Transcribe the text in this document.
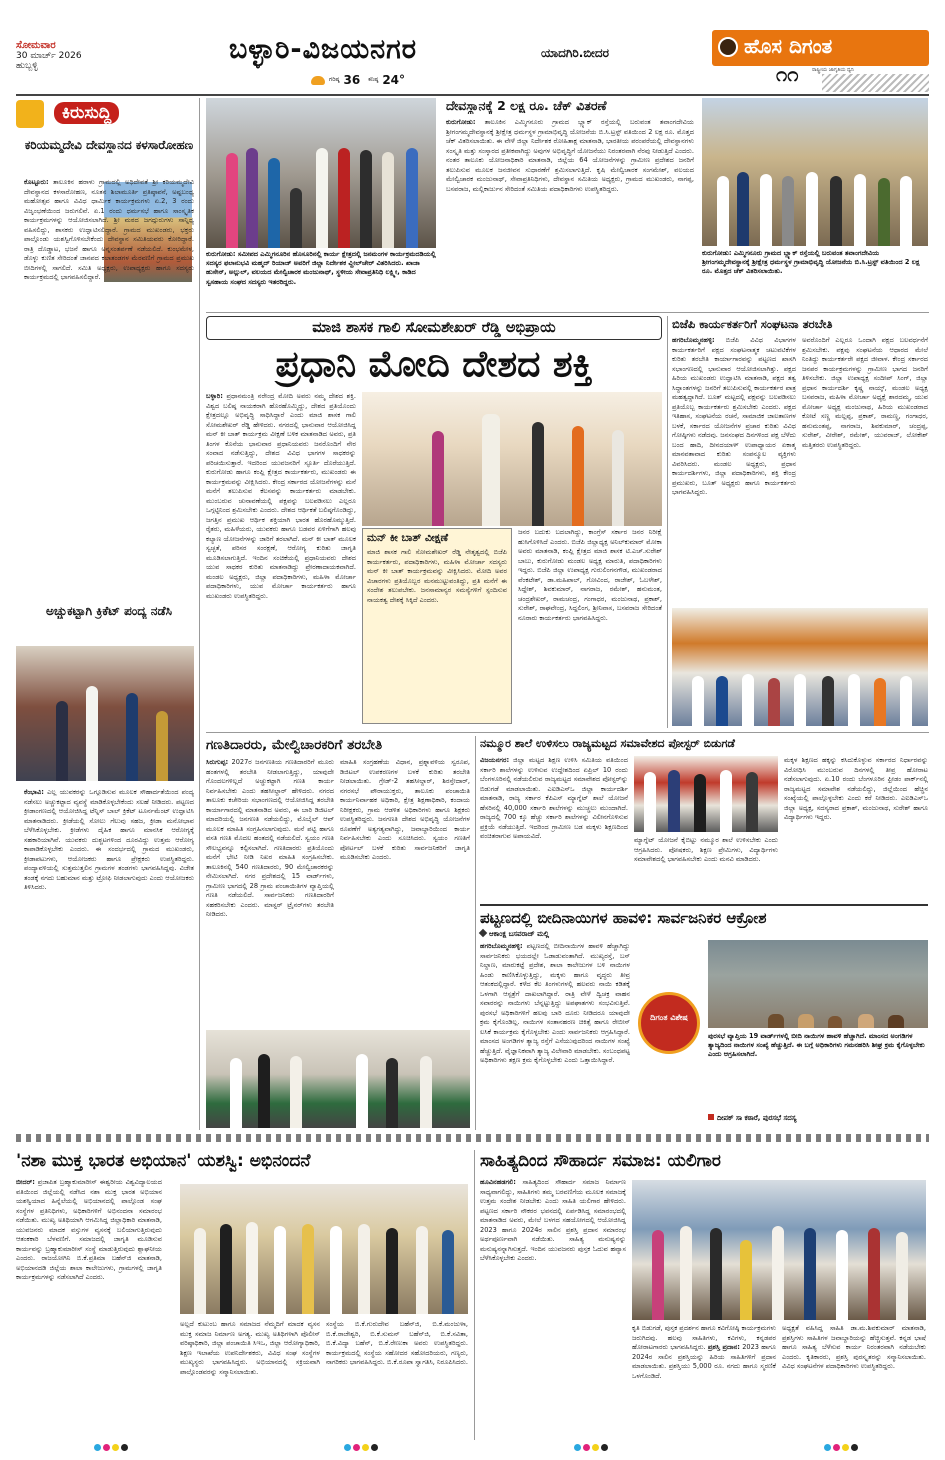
ಸೋಮವಾರ
30 ಮಾರ್ಚ್ 2026
ಹುಬ್ಬಳ್ಳಿ
ಬಳ್ಳಾರಿ-ವಿಜಯನಗರ	ಯಾದಗಿರಿ.ಬೀದರ
ಗರಿಷ್ಠ 36 ಕನಿಷ್ಠ 24°
ಹೊಸ ದಿಗಂತ
ರಾಷ್ಟ್ರೀಯ ಜಾಗೃತಿಯ ಧ್ವನಿ
೧೧
ಕಿರುಸುದ್ದಿ
ಕರಿಯಮ್ಮದೇವಿ ದೇವಸ್ಥಾನದ ಕಳಸಾರೋಹಣ
ಕೊಟ್ಟೂರು: ತಾಲೂಕಿನ ಹರಾಳು ಗ್ರಾಮದಲ್ಲಿ ಅಧಿದೇವತೆ ಶ್ರೀ ಕರಿಯಮ್ಮದೇವಿ ದೇವಸ್ಥಾನದ ಕಳಸಾರೋಹಣ, ನೂತನ ಶಿಲಾಮೂರ್ತಿ ಪ್ರತಿಷ್ಠಾಪನೆ, ಅಷ್ಟಬಂಧ್ಯ ಮಹೋತ್ಸವ ಹಾಗೂ ವಿವಿಧ ಧಾರ್ಮಿಕ ಕಾರ್ಯಕ್ರಮಗಳು ಏ.2, 3 ರಂದು ವಿಜೃಂಭಣೆಯಿಂದ ಜರುಗಲಿವೆ. ಏ.1 ರಂದು ಧರ್ಮಸಭೆ ಹಾಗೂ ಸಾಂಸ್ಕೃತಿಕ ಕಾರ್ಯಕ್ರಮಗಳನ್ನು ಆಯೋಜಿಸಲಾಗಿದೆ. ಶ್ರೀ ಮಠದ ಜಗದ್ಗುರುಗಳು ಸಾನ್ನಿಧ್ಯ ವಹಿಸಲಿದ್ದು, ಶಾಸಕರು ಉದ್ಘಾಟಿಸಲಿದ್ದಾರೆ. ಗ್ರಾಮದ ಮುಖಂಡರು, ಭಕ್ತರು ಪಾಲ್ಗೊಂಡು ಯಶಸ್ವಿಗೊಳಿಸಬೇಕೆಂದು ದೇವಸ್ಥಾನ ಸಮಿತಿಯವರು ಕೋರಿದ್ದಾರೆ. ರಾತ್ರಿ ದೊಡ್ಡಾಟ, ಭಜನೆ ಹಾಗೂ ಅನ್ನಸಂತರ್ಪಣೆ ನಡೆಯಲಿದೆ. ಕುಂಭಮೇಳ, ಡೊಳ್ಳು ಕುಣಿತ ಸೇರಿದಂತೆ ಜಾನಪದ ಕಲಾತಂಡಗಳ ಮೆರವಣಿಗೆ ಗ್ರಾಮದ ಪ್ರಮುಖ ಬೀದಿಗಳಲ್ಲಿ ಸಾಗಲಿದೆ. ಸಮಿತಿ ಅಧ್ಯಕ್ಷರು, ಉಪಾಧ್ಯಕ್ಷರು ಹಾಗೂ ಸದಸ್ಯರು ಕಾರ್ಯಕ್ರಮದಲ್ಲಿ ಭಾಗವಹಿಸಲಿದ್ದಾರೆ.
ಅಚ್ಚುಕಟ್ಟಾಗಿ ಕ್ರಿಕೆಟ್ ಪಂದ್ಯ ನಡೆಸಿ
ಕೆಂಭಾವಿ: ಎಲ್ಲ ಯುವಕರನ್ನು ಒಗ್ಗೂಡಿಸುವ ಮೂಲಕ ಸೌಹಾರ್ದತೆಯಿಂದ ಪಂದ್ಯ ನಡೆಸಲು ಅಚ್ಚುಕಟ್ಟಾದ ವ್ಯವಸ್ಥೆ ಮಾಡಿಕೊಳ್ಳಬೇಕೆಂದು ಸಲಹೆ ನೀಡಿದರು. ಪಟ್ಟಣದ ಕ್ರೀಡಾಂಗಣದಲ್ಲಿ ಆಯೋಜಿಸಿದ್ದ ಟೆನ್ನಿಸ್ ಬಾಲ್ ಕ್ರಿಕೆಟ್ ಟೂರ್ನಮೆಂಟ್ ಉದ್ಘಾಟಿಸಿ ಮಾತನಾಡಿದರು. ಕ್ರೀಡೆಯಲ್ಲಿ ಸೋಲು ಗೆಲುವು ಸಹಜ, ಕ್ರೀಡಾ ಮನೋಭಾವ ಬೆಳೆಸಿಕೊಳ್ಳಬೇಕು. ಕ್ರೀಡೆಗಳು ದೈಹಿಕ ಹಾಗೂ ಮಾನಸಿಕ ಆರೋಗ್ಯಕ್ಕೆ ಸಹಕಾರಿಯಾಗಿವೆ. ಯುವಕರು ದುಶ್ಚಟಗಳಿಂದ ದೂರವಿದ್ದು ಉತ್ತಮ ಆರೋಗ್ಯ ಕಾಪಾಡಿಕೊಳ್ಳಬೇಕು ಎಂದರು. ಈ ಸಂದರ್ಭದಲ್ಲಿ ಗ್ರಾಮದ ಮುಖಂಡರು, ಕ್ರೀಡಾಪಟುಗಳು, ಆಯೋಜಕರು ಹಾಗೂ ಪ್ರೇಕ್ಷಕರು ಉಪಸ್ಥಿತರಿದ್ದರು. ಪಂದ್ಯಾವಳಿಯಲ್ಲಿ ಸುತ್ತಮುತ್ತಲಿನ ಗ್ರಾಮಗಳ ತಂಡಗಳು ಭಾಗವಹಿಸಿದ್ದವು. ವಿಜೇತ ತಂಡಕ್ಕೆ ನಗದು ಬಹುಮಾನ ಮತ್ತು ಟ್ರೋಫಿ ನೀಡಲಾಗುವುದು ಎಂದು ಆಯೋಜಕರು ತಿಳಿಸಿದರು.
ಕುರುಗೋಡು: ಸಮೀಪದ ಎಮ್ಮಿಗನೂರಿನ ಹೊಸೂರಿನಲ್ಲಿ ಕಾರ್ಯ ಕ್ಷೇತ್ರದಲ್ಲಿ ಜನಮಂಗಳ ಕಾರ್ಯಕ್ರಮದಡಿಯಲ್ಲಿ ಸದಸ್ಯರ ಫಲಾನುಭವಿ ಮಹ್ಮದ್ ರಿಯಾಜ್ ಅವರಿಗೆ ಜಿಲ್ಲಾ ನಿರ್ದೇಶಕ ವ್ಹೀಲ್‌ಚೇರ್ ವಿತರಿಸಿದರು. ಖಾಜಾ ಹುಸೇನ್, ಅಲ್ಲುಲ್, ವಲಯದ ಮೇಲ್ವಿಚಾರಕ ಮಂಜುನಾಥ್, ಸ್ಥಳೀಯ ಸೇವಾಪ್ರತಿನಿಧಿ ಲಕ್ಷ್ಮೀ, ಕಾಡಿದ ಸ್ವಸಹಾಯ ಸಂಘದ ಸದಸ್ಯರು ಇತರರಿದ್ದರು.
ದೇವಸ್ಥಾನಕ್ಕೆ 2 ಲಕ್ಷ ರೂ. ಚೆಕ್ ವಿತರಣೆ
ಕುರುಗೋಡು: ತಾಲೂಕಿನ ಎಮ್ಮಿಗನೂರು ಗ್ರಾಮದ ಬ್ಲ್ಯಾಕ್ ರಸ್ತೆಯಲ್ಲಿ ಬರುವಂತ ತವಾಂಗದೇವಿಯ ಶ್ರೀಗಂಗಮ್ಮದೇವಸ್ಥಾನಕ್ಕೆ ಶ್ರೀಕ್ಷೇತ್ರ ಧರ್ಮಸ್ಥಳ ಗ್ರಾಮಾಭಿವೃದ್ಧಿ ಯೋಜನೆಯ ಬಿ.ಸಿ.ಟ್ರಸ್ಟ್ ವತಿಯಿಂದ 2 ಲಕ್ಷ ರೂ. ಮೊತ್ತದ ಚೆಕ್ ವಿತರಿಸಲಾಯಿತು. ಈ ವೇಳೆ ಜಿಲ್ಲಾ ನಿರ್ದೇಶಕ ರೋಹಿತಾಕ್ಷ ಮಾತನಾಡಿ, ಭಾರತೀಯ ಪರಂಪರೆಯಲ್ಲಿ ದೇವಸ್ಥಾನಗಳು ಸಂಸ್ಕೃತಿ ಮತ್ತು ಸಂಸ್ಕಾರದ ಪ್ರತೀಕವಾಗಿದ್ದು ಅವುಗಳ ಅಭಿವೃದ್ಧಿಗೆ ಯೋಜನೆಯು ನಿರಂತರವಾಗಿ ನೆರವು ನೀಡುತ್ತಿದೆ ಎಂದರು. ನಂತರ ತಾಲೂಕು ಯೋಜನಾಧಿಕಾರಿ ಮಾತನಾಡಿ, ಜಿಲ್ಲೆಯ 64 ಯೋಜನೆಗಳನ್ನು ಗ್ರಾಮೀಣ ಪ್ರದೇಶದ ಜನರಿಗೆ ತಲುಪಿಸುವ ಮೂಲಕ ಜನಜೀವನ ಸುಧಾರಣೆಗೆ ಶ್ರಮಿಸಲಾಗುತ್ತಿದೆ. ಕೃಷಿ ಮೇಲ್ವಿಚಾರಕ ಸಂಗಮೇಶ್, ವಲಯದ ಮೇಲ್ವಿಚಾರಕ ಮಂಜುನಾಥ್, ಸೇವಾಪ್ರತಿನಿಧಿಗಳು, ದೇವಸ್ಥಾನ ಸಮಿತಿಯ ಅಧ್ಯಕ್ಷರು, ಗ್ರಾಮದ ಮುಖಂಡರು, ನಾಗಪ್ಪ, ಬಸವರಾಜ, ಮಲ್ಲಿಕಾರ್ಜುನ ಸೇರಿದಂತೆ ಸಮಿತಿಯ ಪದಾಧಿಕಾರಿಗಳು ಉಪಸ್ಥಿತರಿದ್ದರು.
ಕುರುಗೋಡು: ಎಮ್ಮಿಗನೂರು ಗ್ರಾಮದ ಬ್ಲ್ಯಾಕ್ ರಸ್ತೆಯಲ್ಲಿ ಬರುವಂತ ತವಾಂಗದೇವಿಯ ಶ್ರೀಗಂಗಮ್ಮದೇವಸ್ಥಾನಕ್ಕೆ ಶ್ರೀಕ್ಷೇತ್ರ ಧರ್ಮಸ್ಥಳ ಗ್ರಾಮಾಭಿವೃದ್ಧಿ ಯೋಜನೆಯ ಬಿ.ಸಿ.ಟ್ರಸ್ಟ್ ವತಿಯಿಂದ 2 ಲಕ್ಷ ರೂ. ಮೊತ್ತದ ಚೆಕ್ ವಿತರಿಸಲಾಯಿತು.
ಮಾಜಿ ಶಾಸಕ ಗಾಲಿ ಸೋಮಶೇಖರ್ ರೆಡ್ಡಿ ಅಭಿಪ್ರಾಯ
ಪ್ರಧಾನಿ ಮೋದಿ ದೇಶದ ಶಕ್ತಿ
ಬಳ್ಳಾರಿ: ಪ್ರಧಾನಮಂತ್ರಿ ನರೇಂದ್ರ ಮೋದಿ ಅವರು ನಮ್ಮ ದೇಶದ ಶಕ್ತಿ. ವಿಶ್ವದ ಬಲಿಷ್ಠ ನಾಯಕರಾಗಿ ಹೊರಹೊಮ್ಮಿದ್ದು, ದೇಶದ ಪ್ರತಿಯೊಂದು ಕ್ಷೇತ್ರದಲ್ಲೂ ಅಭಿವೃದ್ಧಿ ಸಾಧಿಸಿದ್ದಾರೆ ಎಂದು ಮಾಜಿ ಶಾಸಕ ಗಾಲಿ ಸೋಮಶೇಖರ್ ರೆಡ್ಡಿ ಹೇಳಿದರು. ನಗರದಲ್ಲಿ ಭಾನುವಾರ ಆಯೋಜಿಸಿದ್ದ ಮನ್ ಕೀ ಬಾತ್ ಕಾರ್ಯಕ್ರಮ ವೀಕ್ಷಣೆ ಬಳಿಕ ಮಾತನಾಡಿದ ಅವರು, ಪ್ರತಿ ತಿಂಗಳ ಕೊನೆಯ ಭಾನುವಾರ ಪ್ರಧಾನಿಯವರು ಜನರೊಂದಿಗೆ ನೇರ ಸಂವಾದ ನಡೆಸುತ್ತಿದ್ದು, ದೇಶದ ವಿವಿಧ ಭಾಗಗಳ ಸಾಧಕರನ್ನು ಪರಿಚಯಿಸುತ್ತಾರೆ. ಇದರಿಂದ ಯುವಜನರಿಗೆ ಸ್ಫೂರ್ತಿ ದೊರೆಯುತ್ತಿದೆ. ಕುರುಗೋಡು ಹಾಗೂ ಕಂಪ್ಲಿ ಕ್ಷೇತ್ರದ ಕಾರ್ಯಕರ್ತರು, ಮುಖಂಡರು ಈ ಕಾರ್ಯಕ್ರಮವನ್ನು ವೀಕ್ಷಿಸಿದರು. ಕೇಂದ್ರ ಸರ್ಕಾರದ ಯೋಜನೆಗಳನ್ನು ಮನೆ ಮನೆಗೆ ತಲುಪಿಸುವ ಕೆಲಸವನ್ನು ಕಾರ್ಯಕರ್ತರು ಮಾಡಬೇಕು. ಮುಂಬರುವ ಚುನಾವಣೆಯಲ್ಲಿ ಪಕ್ಷವನ್ನು ಬಲಪಡಿಸಲು ಎಲ್ಲರೂ ಒಗ್ಗಟ್ಟಿನಿಂದ ಶ್ರಮಿಸಬೇಕು ಎಂದರು. ದೇಶದ ಆರ್ಥಿಕತೆ ಬಲಿಷ್ಠಗೊಂಡಿದ್ದು, ಜಗತ್ತಿನ ಪ್ರಮುಖ ಆರ್ಥಿಕ ಶಕ್ತಿಯಾಗಿ ಭಾರತ ಹೊರಹೊಮ್ಮುತ್ತಿದೆ. ರೈತರು, ಮಹಿಳೆಯರು, ಯುವಕರು ಹಾಗೂ ಬಡವರ ಏಳಿಗೆಗಾಗಿ ಹಲವು ಕಲ್ಯಾಣ ಯೋಜನೆಗಳನ್ನು ಜಾರಿಗೆ ತರಲಾಗಿದೆ. ಮನ್ ಕೀ ಬಾತ್ ಮೂಲಕ ಸ್ವಚ್ಛತೆ, ಪರಿಸರ ಸಂರಕ್ಷಣೆ, ಆರೋಗ್ಯ ಕುರಿತು ಜಾಗೃತಿ ಮೂಡಿಸಲಾಗುತ್ತಿದೆ. ಇಂದಿನ ಸಂಚಿಕೆಯಲ್ಲಿ ಪ್ರಧಾನಿಯವರು ದೇಶದ ಯುವ ಸಾಧಕರ ಕುರಿತು ಮಾತನಾಡಿದ್ದು ಪ್ರೇರಣಾದಾಯಕವಾಗಿದೆ. ಮಂಡಲ ಅಧ್ಯಕ್ಷರು, ಜಿಲ್ಲಾ ಪದಾಧಿಕಾರಿಗಳು, ಮಹಿಳಾ ಮೋರ್ಚಾ ಪದಾಧಿಕಾರಿಗಳು, ಯುವ ಮೋರ್ಚಾ ಕಾರ್ಯಕರ್ತರು ಹಾಗೂ ಮುಖಂಡರು ಉಪಸ್ಥಿತರಿದ್ದರು.
ಮನ್ ಕೀ ಬಾತ್ ವೀಕ್ಷಣೆ
ಮಾಜಿ ಶಾಸಕ ಗಾಲಿ ಸೋಮಶೇಖರ್ ರೆಡ್ಡಿ ನೇತೃತ್ವದಲ್ಲಿ ಬಿಜೆಪಿ ಕಾರ್ಯಕರ್ತರು, ಪದಾಧಿಕಾರಿಗಳು, ಮಹಿಳಾ ಮೋರ್ಚಾ ಸದಸ್ಯರು ಮನ್ ಕೀ ಬಾತ್ ಕಾರ್ಯಕ್ರಮವನ್ನು ವೀಕ್ಷಿಸಿದರು. ಮೋದಿ ಅವರ ವಿಚಾರಗಳು ಪ್ರತಿಯೊಬ್ಬರ ಮನಮುಟ್ಟುವಂತಿದ್ದು, ಪ್ರತಿ ಮನೆಗೆ ಈ ಸಂದೇಶ ತಲುಪಬೇಕು. ಜನಸಾಮಾನ್ಯರ ಸಮಸ್ಯೆಗಳಿಗೆ ಸ್ಪಂದಿಸುವ ನಾಯಕತ್ವ ದೇಶಕ್ಕೆ ಸಿಕ್ಕಿದೆ ಎಂದರು.
ಜನರ ಬದುಕು ಬದಲಾಗಿದ್ದು, ಕಾಂಗ್ರೆಸ್ ಸರ್ಕಾರ ಜನರ ನಿರೀಕ್ಷೆ ಹುಸಿಗೊಳಿಸಿದೆ ಎಂದರು. ಬಿಜೆಪಿ ಜಿಲ್ಲಾಧ್ಯಕ್ಷ ಅನಿಲ್‌ಕುಮಾರ್ ಮೋಕಾ ಅವರು ಮಾತನಾಡಿ, ಕಂಪ್ಲಿ ಕ್ಷೇತ್ರದ ಮಾಜಿ ಶಾಸಕ ಟಿ.ಎಚ್.ಸುರೇಶ್ ಬಾಬು, ಕುರುಗೋಡು ಮಂಡಲ ಅಧ್ಯಕ್ಷ ಮಾರುತಿ, ಪದಾಧಿಕಾರಿಗಳು ಇದ್ದರು. ಬಿಜೆಪಿ ಜಿಲ್ಲಾ ಉಪಾಧ್ಯಕ್ಷ ಗುರುಲಿಂಗನಗೌಡ, ಮುಖಂಡರಾದ ವೆಂಕಟೇಶ್, ಡಾ.ಮಹಿಪಾಲ್, ಗೋವಿಂದ, ರಾಜೇಶ್, ಓಬಳೇಶ್, ಸಿದ್ದೇಶ್, ಶಿವಕುಮಾರ್, ನಾಗರಾಜ, ರಮೇಶ್, ಹನುಮಂತ, ಚಂದ್ರಶೇಖರ್, ರಾಮಚಂದ್ರ, ಗಂಗಾಧರ, ಮಂಜುನಾಥ, ಪ್ರಕಾಶ್, ಸುರೇಶ್, ರಾಘವೇಂದ್ರ, ಸಿದ್ದಲಿಂಗ, ಶ್ರೀನಿವಾಸ, ಬಸವರಾಜ ಸೇರಿದಂತೆ ನೂರಾರು ಕಾರ್ಯಕರ್ತರು ಭಾಗವಹಿಸಿದ್ದರು.
ಬಿಜೆಪಿ ಕಾರ್ಯಕರ್ತರಿಗೆ ಸಂಘಟನಾ ತರಬೇತಿ
ಹಗರಿಬೊಮ್ಮನಹಳ್ಳಿ: ಬಿಜೆಪಿ ವಿವಿಧ ವಿಭಾಗಗಳ ಕಾರ್ಯಕರ್ತರಿಗೆ ಪಕ್ಷದ ಸಂಘಟನಾತ್ಮಕ ಚಟುವಟಿಕೆಗಳ ಕುರಿತು ತರಬೇತಿ ಕಾರ್ಯಾಗಾರವನ್ನು ಪಟ್ಟಣದ ಖಾಸಗಿ ಸಭಾಂಗಣದಲ್ಲಿ ಭಾನುವಾರ ಆಯೋಜಿಸಲಾಗಿತ್ತು. ಪಕ್ಷದ ಹಿರಿಯ ಮುಖಂಡರು ಉದ್ಘಾಟಿಸಿ ಮಾತನಾಡಿ, ಪಕ್ಷದ ತತ್ವ ಸಿದ್ಧಾಂತಗಳನ್ನು ಜನರಿಗೆ ತಲುಪಿಸುವಲ್ಲಿ ಕಾರ್ಯಕರ್ತರ ಪಾತ್ರ ಮಹತ್ವದ್ದಾಗಿದೆ. ಬೂತ್ ಮಟ್ಟದಲ್ಲಿ ಪಕ್ಷವನ್ನು ಬಲಪಡಿಸಲು ಪ್ರತಿಯೊಬ್ಬ ಕಾರ್ಯಕರ್ತರು ಶ್ರಮಿಸಬೇಕು ಎಂದರು. ಪಕ್ಷದ ಇತಿಹಾಸ, ಸಂಘಟನೆಯ ರಚನೆ, ಸಾಮಾಜಿಕ ಜಾಲತಾಣಗಳ ಬಳಕೆ, ಸರ್ಕಾರದ ಯೋಜನೆಗಳ ಪ್ರಚಾರ ಕುರಿತು ವಿವಿಧ ಗೋಷ್ಠಿಗಳು ನಡೆದವು. ಜನಸಂಘದ ದಿನಗಳಿಂದ ಪಕ್ಷ ಬೆಳೆದು ಬಂದ ಹಾದಿ, ದೀನದಯಾಳ್ ಉಪಾಧ್ಯಾಯರ ಏಕಾತ್ಮ ಮಾನವತಾವಾದ ಕುರಿತು ಸಂಪನ್ಮೂಲ ವ್ಯಕ್ತಿಗಳು ವಿವರಿಸಿದರು. ಮಂಡಲ ಅಧ್ಯಕ್ಷರು, ಪ್ರಧಾನ ಕಾರ್ಯದರ್ಶಿಗಳು, ಜಿಲ್ಲಾ ಪದಾಧಿಕಾರಿಗಳು, ಶಕ್ತಿ ಕೇಂದ್ರ ಪ್ರಮುಖರು, ಬೂತ್ ಅಧ್ಯಕ್ಷರು ಹಾಗೂ ಕಾರ್ಯಕರ್ತರು ಭಾಗವಹಿಸಿದ್ದರು.
ಅವರೊಂದಿಗೆ ಎಲ್ಲರೂ ಒಂದಾಗಿ ಪಕ್ಷದ ಬಲವರ್ಧನೆಗೆ ಶ್ರಮಿಸಬೇಕು. ಪಕ್ಷವು ಸಂಘಟನೆಯ ಆಧಾರದ ಮೇಲೆ ನಿಂತಿದ್ದು ಕಾರ್ಯಕರ್ತರೇ ಪಕ್ಷದ ಜೀವಾಳ. ಕೇಂದ್ರ ಸರ್ಕಾರದ ಜನಪರ ಕಾರ್ಯಕ್ರಮಗಳನ್ನು ಗ್ರಾಮೀಣ ಭಾಗದ ಜನರಿಗೆ ತಿಳಿಸಬೇಕು. ಜಿಲ್ಲಾ ಉಪಾಧ್ಯಕ್ಷ ಸಂದೀಪ್ ಸಿಂಗ್, ಜಿಲ್ಲಾ ಪ್ರಧಾನ ಕಾರ್ಯದರ್ಶಿ ಕೃಷ್ಣ ನಾಯ್ಕ್, ಮಂಡಲ ಅಧ್ಯಕ್ಷ ಬಸವರಾಜ, ಮಹಿಳಾ ಮೋರ್ಚಾ ಅಧ್ಯಕ್ಷೆ ಶಾರದಮ್ಮ, ಯುವ ಮೋರ್ಚಾ ಅಧ್ಯಕ್ಷ ಮಂಜುನಾಥ, ಹಿರಿಯ ಮುಖಂಡರಾದ ಕೋಟೆ ಸಣ್ಣ ಮಲ್ಲಪ್ಪ, ಪ್ರಕಾಶ್, ರಾಮಣ್ಣ, ಗಂಗಾಧರ, ಹನುಮಂತಪ್ಪ, ನಾಗರಾಜ, ಶಿವಕುಮಾರ್, ಚಂದ್ರಪ್ಪ, ಸುರೇಶ್, ವೀರೇಶ್, ರಮೇಶ್, ಯುವರಾಜ್, ಲೋಕೇಶ್ ಮತ್ತಿತರರು ಉಪಸ್ಥಿತರಿದ್ದರು.
ಗಣತಿದಾರರು, ಮೇಲ್ವಿಚಾರಕರಿಗೆ ತರಬೇತಿ
ಸಿರುಗುಪ್ಪ: 2027ರ ಜನಗಣತಿಯ ಗಣತಿದಾರರಿಗೆ ಮೂರು ಹಂತಗಳಲ್ಲಿ ತರಬೇತಿ ನೀಡಲಾಗುತ್ತಿದ್ದು, ಯಾವುದೇ ಗೊಂದಲಗಳಿಲ್ಲದೆ ಅಚ್ಚುಕಟ್ಟಾಗಿ ಗಣತಿ ಕಾರ್ಯ ನಿರ್ವಹಿಸಬೇಕು ಎಂದು ತಹಸೀಲ್ದಾರ್ ಹೇಳಿದರು. ನಗರದ ತಾಲೂಕು ಕಚೇರಿಯ ಸಭಾಂಗಣದಲ್ಲಿ ಆಯೋಜಿಸಿದ್ದ ತರಬೇತಿ ಕಾರ್ಯಾಗಾರದಲ್ಲಿ ಮಾತನಾಡಿದ ಅವರು, ಈ ಬಾರಿ ಡಿಜಿಟಲ್ ಮಾದರಿಯಲ್ಲಿ ಜನಗಣತಿ ನಡೆಯಲಿದ್ದು, ಮೊಬೈಲ್ ಆಪ್ ಮೂಲಕ ಮಾಹಿತಿ ಸಂಗ್ರಹಿಸಲಾಗುವುದು. ಮನೆ ಪಟ್ಟಿ ಹಾಗೂ ವಸತಿ ಗಣತಿ ಮೊದಲ ಹಂತದಲ್ಲಿ ನಡೆಯಲಿದೆ. ಸ್ವಯಂ ಗಣತಿ ಸೌಲಭ್ಯವನ್ನೂ ಕಲ್ಪಿಸಲಾಗಿದೆ. ಗಣತಿದಾರರು ಪ್ರತಿಯೊಂದು ಮನೆಗೆ ಭೇಟಿ ನೀಡಿ ನಿಖರ ಮಾಹಿತಿ ಸಂಗ್ರಹಿಸಬೇಕು. ತಾಲೂಕಿನಲ್ಲಿ 540 ಗಣತಿದಾರರು, 90 ಮೇಲ್ವಿಚಾರಕರನ್ನು ನೇಮಿಸಲಾಗಿದೆ. ನಗರ ಪ್ರದೇಶದಲ್ಲಿ 15 ವಾರ್ಡ್‌ಗಳು, ಗ್ರಾಮೀಣ ಭಾಗದಲ್ಲಿ 28 ಗ್ರಾಮ ಪಂಚಾಯಿತಿಗಳ ವ್ಯಾಪ್ತಿಯಲ್ಲಿ ಗಣತಿ ನಡೆಯಲಿದೆ. ಸಾರ್ವಜನಿಕರು ಗಣತಿದಾರರಿಗೆ ಸಹಕರಿಸಬೇಕು ಎಂದರು. ಮಾಸ್ಟರ್ ಟ್ರೈನರ್‌ಗಳು ತರಬೇತಿ ನೀಡಿದರು.
ಮಾಹಿತಿ ಸಂಗ್ರಹಣೆಯ ವಿಧಾನ, ಪ್ರಶ್ನಾವಳಿಯ ಸ್ವರೂಪ, ಡಿಜಿಟಲ್ ಉಪಕರಣಗಳ ಬಳಕೆ ಕುರಿತು ತರಬೇತಿ ನೀಡಲಾಯಿತು. ಗ್ರೇಡ್-2 ತಹಸೀಲ್ದಾರ್, ಶಿರಸ್ತೇದಾರ್, ನಗರಸಭೆ ಪೌರಾಯುಕ್ತರು, ತಾಲೂಕು ಪಂಚಾಯಿತಿ ಕಾರ್ಯನಿರ್ವಾಹಕ ಅಧಿಕಾರಿ, ಕ್ಷೇತ್ರ ಶಿಕ್ಷಣಾಧಿಕಾರಿ, ಕಂದಾಯ ನಿರೀಕ್ಷಕರು, ಗ್ರಾಮ ಆಡಳಿತ ಅಧಿಕಾರಿಗಳು ಹಾಗೂ ಶಿಕ್ಷಕರು ಉಪಸ್ಥಿತರಿದ್ದರು. ಜನಗಣತಿ ದೇಶದ ಅಭಿವೃದ್ಧಿ ಯೋಜನೆಗಳ ರೂಪಣೆಗೆ ಅತ್ಯಗತ್ಯವಾಗಿದ್ದು, ಜವಾಬ್ದಾರಿಯಿಂದ ಕಾರ್ಯ ನಿರ್ವಹಿಸಬೇಕು ಎಂದು ಸೂಚಿಸಿದರು. ಸ್ವಯಂ ಗಣತಿಗೆ ಪೋರ್ಟಲ್ ಬಳಕೆ ಕುರಿತು ಸಾರ್ವಜನಿಕರಿಗೆ ಜಾಗೃತಿ ಮೂಡಿಸಬೇಕು ಎಂದರು.
ನಮ್ಮೂರ ಶಾಲೆ ಉಳಿಸಲು ರಾಜ್ಯಮಟ್ಟದ ಸಮಾವೇಶದ ಪೋಸ್ಟರ್ ಬಿಡುಗಡೆ
ವಿಜಯನಗರ: ಜಿಲ್ಲಾ ಮಟ್ಟದ ಶಿಕ್ಷಣ ಉಳಿಸಿ ಸಮಿತಿಯ ವತಿಯಿಂದ ಸರ್ಕಾರಿ ಶಾಲೆಗಳನ್ನು ಉಳಿಸುವ ಉದ್ದೇಶದಿಂದ ಏಪ್ರಿಲ್ 10 ರಂದು ಬೆಂಗಳೂರಿನಲ್ಲಿ ನಡೆಯಲಿರುವ ರಾಜ್ಯಮಟ್ಟದ ಸಮಾವೇಶದ ಪೋಸ್ಟರ್‌ನ್ನು ಬಿಡುಗಡೆ ಮಾಡಲಾಯಿತು. ಎಐಡಿಎಸ್‌ಒ ಜಿಲ್ಲಾ ಕಾರ್ಯದರ್ಶಿ ಮಾತನಾಡಿ, ರಾಜ್ಯ ಸರ್ಕಾರ ಕೆಪಿಎಸ್ ಮ್ಯಾಗ್ನೆಟ್ ಶಾಲೆ ಯೋಜನೆ ಹೆಸರಿನಲ್ಲಿ 40,000 ಸರ್ಕಾರಿ ಶಾಲೆಗಳನ್ನು ಮುಚ್ಚಲು ಮುಂದಾಗಿದೆ. ರಾಜ್ಯದಲ್ಲಿ 700 ಕ್ಕೂ ಹೆಚ್ಚು ಸರ್ಕಾರಿ ಶಾಲೆಗಳನ್ನು ವಿಲೀನಗೊಳಿಸುವ ಪ್ರಕ್ರಿಯೆ ನಡೆಯುತ್ತಿದೆ. ಇದರಿಂದ ಗ್ರಾಮೀಣ ಬಡ ಮಕ್ಕಳು ಶಿಕ್ಷಣದಿಂದ ವಂಚಿತರಾಗುವ ಅಪಾಯವಿದೆ.	ಮ್ಯಾಗ್ನೆಟ್ ಯೋಜನೆ ಕೈಬಿಟ್ಟು ನಮ್ಮೂರ ಶಾಲೆ ಉಳಿಸಬೇಕು ಎಂದು ಆಗ್ರಹಿಸಿದರು. ಪೋಷಕರು, ಶಿಕ್ಷಣ ಪ್ರೇಮಿಗಳು, ವಿದ್ಯಾರ್ಥಿಗಳು ಸಮಾವೇಶದಲ್ಲಿ ಭಾಗವಹಿಸಬೇಕು ಎಂದು ಮನವಿ ಮಾಡಿದರು.
ಮಕ್ಕಳ ಶಿಕ್ಷಣದ ಹಕ್ಕನ್ನು ಕಸಿದುಕೊಳ್ಳುವ ಸರ್ಕಾರದ ನಿರ್ಧಾರವನ್ನು ವಿರೋಧಿಸಿ ಮುಂಬರುವ ದಿನಗಳಲ್ಲಿ ತೀವ್ರ ಹೋರಾಟ ನಡೆಸಲಾಗುವುದು. ಏ.10 ರಂದು ಬೆಂಗಳೂರಿನ ಫ್ರೀಡಂ ಪಾರ್ಕ್‌ನಲ್ಲಿ ರಾಜ್ಯಮಟ್ಟದ ಸಮಾವೇಶ ನಡೆಯಲಿದ್ದು, ಜಿಲ್ಲೆಯಿಂದ ಹೆಚ್ಚಿನ ಸಂಖ್ಯೆಯಲ್ಲಿ ಪಾಲ್ಗೊಳ್ಳಬೇಕು ಎಂದು ಕರೆ ನೀಡಿದರು. ಎಐಡಿಎಸ್‌ಒ ಜಿಲ್ಲಾ ಅಧ್ಯಕ್ಷ, ಸದಸ್ಯರಾದ ಪ್ರಕಾಶ್, ಮಂಜುನಾಥ, ಸುರೇಶ್ ಹಾಗೂ ವಿದ್ಯಾರ್ಥಿಗಳು ಇದ್ದರು.
ಪಟ್ಟಣದಲ್ಲಿ ಬೀದಿನಾಯಿಗಳ ಹಾವಳಿ: ಸಾರ್ವಜನಿಕರ ಆಕ್ರೋಶ
ಆಕಾಂಕ್ಷ ಬಸವರಾಜ್ ಮಲ್ಲಿ
ಹಗರಿಬೊಮ್ಮನಹಳ್ಳಿ: ಪಟ್ಟಣದಲ್ಲಿ ಬೀದಿನಾಯಿಗಳ ಹಾವಳಿ ಹೆಚ್ಚಾಗಿದ್ದು ಸಾರ್ವಜನಿಕರು ಭಯದಲ್ಲೇ ಓಡಾಡುವಂತಾಗಿದೆ. ಮುಖ್ಯರಸ್ತೆ, ಬಸ್ ನಿಲ್ದಾಣ, ಮಾರುಕಟ್ಟೆ ಪ್ರದೇಶ, ಶಾಲಾ ಕಾಲೇಜುಗಳ ಬಳಿ ನಾಯಿಗಳ ಹಿಂಡು ಕಾಣಿಸಿಕೊಳ್ಳುತ್ತಿದ್ದು, ಮಕ್ಕಳು ಹಾಗೂ ವೃದ್ಧರು ತೀವ್ರ ಆತಂಕದಲ್ಲಿದ್ದಾರೆ. ಕಳೆದ ಕೆಲ ತಿಂಗಳುಗಳಲ್ಲಿ ಹಲವರು ನಾಯಿ ಕಡಿತಕ್ಕೆ ಒಳಗಾಗಿ ಆಸ್ಪತ್ರೆಗೆ ದಾಖಲಾಗಿದ್ದಾರೆ. ರಾತ್ರಿ ವೇಳೆ ದ್ವಿಚಕ್ರ ವಾಹನ ಸವಾರರನ್ನು ನಾಯಿಗಳು ಬೆನ್ನಟ್ಟುತ್ತಿದ್ದು ಅಪಘಾತಗಳು ಸಂಭವಿಸುತ್ತಿವೆ. ಪುರಸಭೆ ಅಧಿಕಾರಿಗಳಿಗೆ ಹಲವು ಬಾರಿ ದೂರು ನೀಡಿದರೂ ಯಾವುದೇ ಕ್ರಮ ಕೈಗೊಂಡಿಲ್ಲ. ನಾಯಿಗಳ ಸಂತಾನಹರಣ ಚಿಕಿತ್ಸೆ ಹಾಗೂ ರೇಬೀಸ್ ಲಸಿಕೆ ಕಾರ್ಯಕ್ರಮ ಕೈಗೊಳ್ಳಬೇಕು ಎಂದು ಸಾರ್ವಜನಿಕರು ಆಗ್ರಹಿಸಿದ್ದಾರೆ. ಮಾಂಸದ ಅಂಗಡಿಗಳ ತ್ಯಾಜ್ಯ ರಸ್ತೆಗೆ ಎಸೆಯುವುದರಿಂದ ನಾಯಿಗಳ ಸಂಖ್ಯೆ ಹೆಚ್ಚುತ್ತಿದೆ. ವೈಜ್ಞಾನಿಕವಾಗಿ ತ್ಯಾಜ್ಯ ವಿಲೇವಾರಿ ಮಾಡಬೇಕು. ಸಂಬಂಧಪಟ್ಟ ಅಧಿಕಾರಿಗಳು ತಕ್ಷಣ ಕ್ರಮ ಕೈಗೊಳ್ಳಬೇಕು ಎಂದು ಒತ್ತಾಯಿಸಿದ್ದಾರೆ.
ದಿಗಂತ ವಿಶೇಷ
ಪುರಸಭೆ ವ್ಯಾಪ್ತಿಯ 19 ವಾರ್ಡ್‌ಗಳಲ್ಲಿ ಬೀದಿ ನಾಯಿಗಳ ಹಾವಳಿ ಹೆಚ್ಚಾಗಿದೆ. ಮಾಂಸದ ಅಂಗಡಿಗಳ ತ್ಯಾಜ್ಯದಿಂದ ನಾಯಿಗಳ ಸಂಖ್ಯೆ ಹೆಚ್ಚುತ್ತಿದೆ. ಈ ಬಗ್ಗೆ ಅಧಿಕಾರಿಗಳು ಗಮನಹರಿಸಿ ಶೀಘ್ರ ಕ್ರಮ ಕೈಗೊಳ್ಳಬೇಕು ಎಂದು ಆಗ್ರಹಿಸಲಾಗಿದೆ.
ದೀಪಕ್ ಸಾ ಕಠಾರೆ, ಪುರಸಭೆ ಸದಸ್ಯ
'ನಶಾ ಮುಕ್ತ ಭಾರತ ಅಭಿಯಾನ' ಯಶಸ್ವಿ: ಅಭಿನಂದನೆ
ಬೀದರ್: ಪ್ರಜಾಪಿತ ಬ್ರಹ್ಮಾಕುಮಾರೀಸ್ ಈಶ್ವರೀಯ ವಿಶ್ವವಿದ್ಯಾಲಯದ ವತಿಯಿಂದ ಜಿಲ್ಲೆಯಲ್ಲಿ ನಡೆಸಿದ ನಶಾ ಮುಕ್ತ ಭಾರತ ಅಭಿಯಾನ ಯಶಸ್ವಿಯಾದ ಹಿನ್ನೆಲೆಯಲ್ಲಿ ಅಭಿಯಾನದಲ್ಲಿ ಪಾಲ್ಗೊಂಡ ಸಂಘ ಸಂಸ್ಥೆಗಳ ಪ್ರತಿನಿಧಿಗಳು, ಅಧಿಕಾರಿಗಳಿಗೆ ಅಭಿನಂದನಾ ಸಮಾರಂಭ ನಡೆಯಿತು. ಮುಖ್ಯ ಅತಿಥಿಯಾಗಿ ಆಗಮಿಸಿದ್ದ ಜಿಲ್ಲಾಧಿಕಾರಿ ಮಾತನಾಡಿ, ಯುವಜನರು ಮಾದಕ ವಸ್ತುಗಳ ವ್ಯಸನಕ್ಕೆ ಬಲಿಯಾಗುತ್ತಿರುವುದು ಆತಂಕಕಾರಿ ಬೆಳವಣಿಗೆ. ಸಮಾಜದಲ್ಲಿ ಜಾಗೃತಿ ಮೂಡಿಸುವ ಕಾರ್ಯವನ್ನು ಬ್ರಹ್ಮಾಕುಮಾರೀಸ್ ಸಂಸ್ಥೆ ಮಾಡುತ್ತಿರುವುದು ಶ್ಲಾಘನೀಯ ಎಂದರು. ರಾಜಯೋಗಿನಿ ಬಿ.ಕೆ.ಪ್ರತಿಮಾ ಬಹೆನ್‌ಜಿ ಮಾತನಾಡಿ, ಅಭಿಯಾನದಡಿ ಜಿಲ್ಲೆಯ ಶಾಲಾ ಕಾಲೇಜುಗಳು, ಗ್ರಾಮಗಳಲ್ಲಿ ಜಾಗೃತಿ ಕಾರ್ಯಕ್ರಮಗಳನ್ನು ನಡೆಸಲಾಗಿದೆ ಎಂದರು.
ಅಲ್ಲದೆ ಕುಟುಂಬ ಹಾಗೂ ಸಮಾಜದ ನೆಮ್ಮದಿಗೆ ಮಾದಕ ವ್ಯಸನ ಮುಕ್ತ ಸಮಾಜ ನಿರ್ಮಾಣ ಅಗತ್ಯ. ಮುಖ್ಯ ಅತಿಥಿಗಳಾಗಿ ಪೊಲೀಸ್ ವರಿಷ್ಠಾಧಿಕಾರಿ, ಜಿಲ್ಲಾ ಪಂಚಾಯಿತಿ ಸಿಇಒ, ಜಿಲ್ಲಾ ಆರೋಗ್ಯಾಧಿಕಾರಿ, ಶಿಕ್ಷಣ ಇಲಾಖೆಯ ಉಪನಿರ್ದೇಶಕರು, ವಿವಿಧ ಸಂಘ ಸಂಸ್ಥೆಗಳ ಮುಖ್ಯಸ್ಥರು ಭಾಗವಹಿಸಿದ್ದರು. ಅಭಿಯಾನದಲ್ಲಿ ಸಕ್ರಿಯವಾಗಿ ಪಾಲ್ಗೊಂಡವರನ್ನು ಸನ್ಮಾನಿಸಲಾಯಿತು.
ಸಂಸ್ಥೆಯ ಬಿ.ಕೆ.ಗುರುದೇವ ಬಹೆನ್‌ಜಿ, ಬಿ.ಕೆ.ಮಂಜುಳಾ, ಬಿ.ಕೆ.ರಾಜೇಶ್ವರಿ, ಬಿ.ಕೆ.ಸುಮನ್ ಬಹೆನ್‌ಜಿ, ಬಿ.ಕೆ.ಸವಿತಾ, ಬಿ.ಕೆ.ವಿದ್ಯಾ ಬಹೆನ್, ಬಿ.ಕೆ.ರೇಣುಕಾ ಅವರು ಉಪಸ್ಥಿತರಿದ್ದರು. ಕಾರ್ಯಕ್ರಮದಲ್ಲಿ ಸಂಸ್ಥೆಯ ಸಹೋದರ ಸಹೋದರಿಯರು, ಗಣ್ಯರು, ನಾಗರಿಕರು ಭಾಗವಹಿಸಿದ್ದರು. ಬಿ.ಕೆ.ರೂಪಾ ಸ್ವಾಗತಿಸಿ, ನಿರೂಪಿಸಿದರು.
ಸಾಹಿತ್ಯದಿಂದ ಸೌಹಾರ್ದ ಸಮಾಜ: ಯಲಿಗಾರ
ಹೂವಿನಹಡಗಲಿ: ಸಾಹಿತ್ಯದಿಂದ ಸೌಹಾರ್ದ ಸಮಾಜ ನಿರ್ಮಾಣ ಸಾಧ್ಯವಾಗಲಿದ್ದು, ಸಾಹಿತಿಗಳು ತಮ್ಮ ಬರವಣಿಗೆಯ ಮೂಲಕ ಸಮಾಜಕ್ಕೆ ಉತ್ತಮ ಸಂದೇಶ ನೀಡಬೇಕು ಎಂದು ಸಾಹಿತಿ ಯಲಿಗಾರ ಹೇಳಿದರು. ಪಟ್ಟಣದ ಸರ್ಕಾರಿ ನೌಕರರ ಭವನದಲ್ಲಿ ಏರ್ಪಡಿಸಿದ್ದ ಸಮಾರಂಭದಲ್ಲಿ ಮಾತನಾಡಿದ ಅವರು, ಮೇಲೆ ಬಳಗದ ಸಹಯೋಗದಲ್ಲಿ ಆಯೋಜಿಸಿದ್ದ 2023 ಹಾಗೂ 2024ರ ಸಾಲಿನ ಪ್ರಶಸ್ತಿ ಪ್ರದಾನ ಸಮಾರಂಭ ಅರ್ಥಪೂರ್ಣವಾಗಿ ನಡೆಯಿತು. ಸಾಹಿತ್ಯ ಮನುಷ್ಯನನ್ನು ಮನುಷ್ಯನನ್ನಾಗಿಸುತ್ತದೆ. ಇಂದಿನ ಯುವಜನರು ಪುಸ್ತಕ ಓದುವ ಹವ್ಯಾಸ ಬೆಳೆಸಿಕೊಳ್ಳಬೇಕು ಎಂದರು.
ಕೃತಿ ಬಿಡುಗಡೆ, ಪುಸ್ತಕ ಪ್ರದರ್ಶನ ಹಾಗೂ ಕವಿಗೋಷ್ಠಿ ಕಾರ್ಯಕ್ರಮಗಳು ಜರುಗಿದವು. ಹಲವು ಸಾಹಿತಿಗಳು, ಕವಿಗಳು, ಕನ್ನಡಪರ ಹೋರಾಟಗಾರರು ಭಾಗವಹಿಸಿದ್ದರು. ಪ್ರಶಸ್ತಿ ಪ್ರದಾನ: 2023 ಹಾಗೂ 2024ರ ಸಾಲಿನ ಪ್ರಶಸ್ತಿಯನ್ನು ಹಿರಿಯ ಸಾಹಿತಿಗಳಿಗೆ ಪ್ರದಾನ ಮಾಡಲಾಯಿತು. ಪ್ರಶಸ್ತಿಯು 5,000 ರೂ. ನಗದು ಹಾಗೂ ಸ್ಮರಣಿಕೆ ಒಳಗೊಂಡಿದೆ.
ಅಧ್ಯಕ್ಷತೆ ವಹಿಸಿದ್ದ ಸಾಹಿತಿ ಡಾ.ಮ.ಶಿವಕುಮಾರ್ ಮಾತನಾಡಿ, ಪ್ರಶಸ್ತಿಗಳು ಸಾಹಿತಿಗಳ ಜವಾಬ್ದಾರಿಯನ್ನು ಹೆಚ್ಚಿಸುತ್ತವೆ. ಕನ್ನಡ ಭಾಷೆ ಹಾಗೂ ಸಾಹಿತ್ಯ ಬೆಳೆಸುವ ಕಾರ್ಯ ನಿರಂತರವಾಗಿ ನಡೆಯಬೇಕು ಎಂದರು. ಕೃತಿಕಾರರು, ಪ್ರಶಸ್ತಿ ಪುರಸ್ಕೃತರನ್ನು ಸನ್ಮಾನಿಸಲಾಯಿತು. ವಿವಿಧ ಸಂಘಟನೆಗಳ ಪದಾಧಿಕಾರಿಗಳು ಉಪಸ್ಥಿತರಿದ್ದರು.
